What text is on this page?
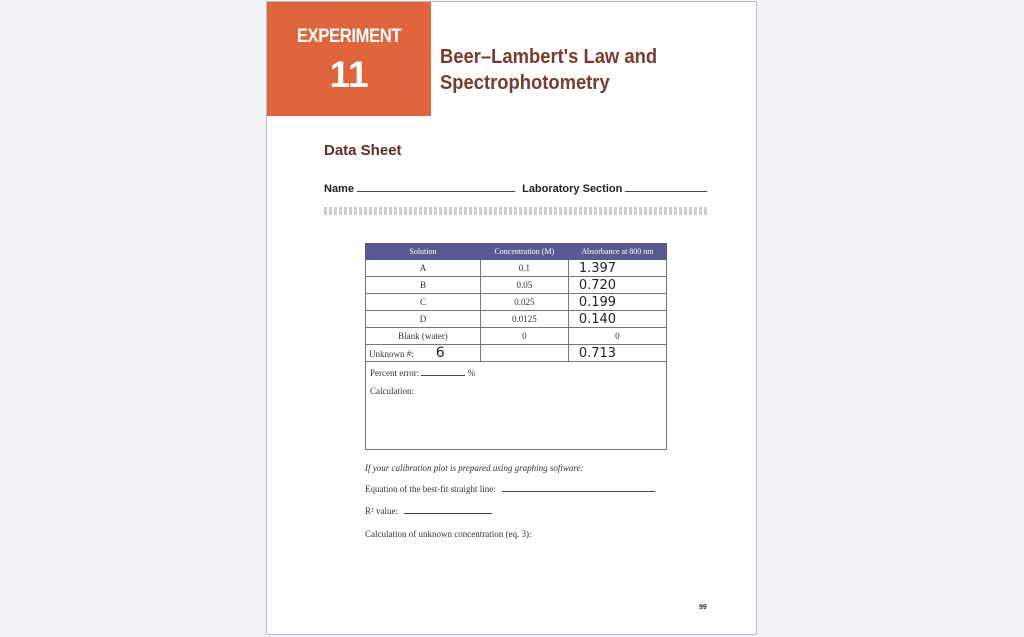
EXPERIMENT
11	Beer–Lambert's Law and
Spectrophotometry
Data Sheet
Name	Laboratory Section
Solution	Concentration (M)	Absorbance at 800 nm
A	0.1	1.397
B	0.05	0.720
C	0.025	0.199
D	0.0125	0.140
Blank (water)	0	0
Unknown #: 6		0.713
Percent error:	%
Calculation:
If your calibration plot is prepared using graphing software:
Equation of the best-fit straight line:
R² value:
Calculation of unknown concentration (eq. 3):
99
